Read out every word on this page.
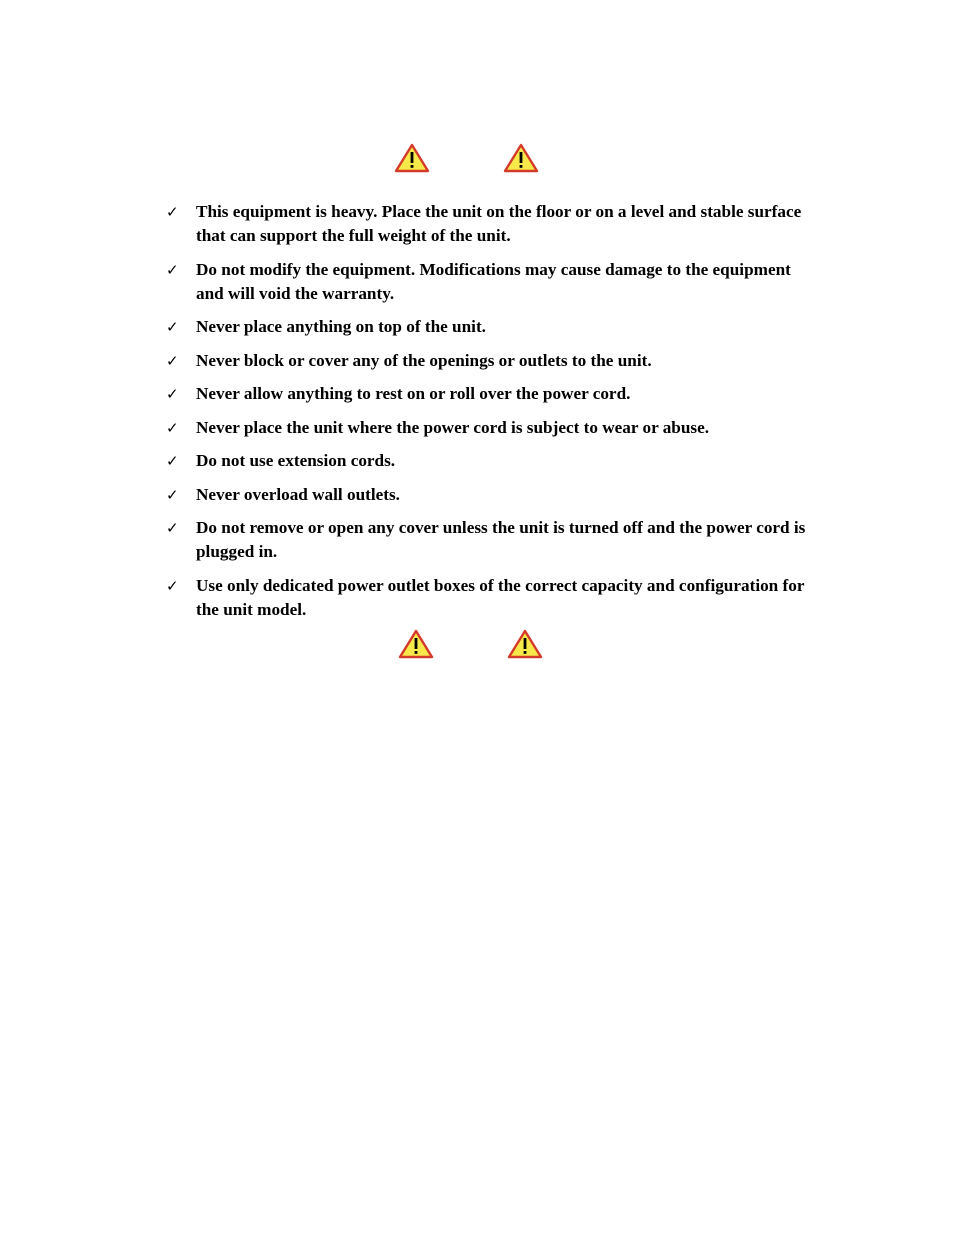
✓	This equipment is heavy. Place the unit on the floor or on a level and stable surface that can support the full weight of the unit.
✓	Do not modify the equipment. Modifications may cause damage to the equipment and will void the warranty.
✓	Never place anything on top of the unit.
✓	Never block or cover any of the openings or outlets to the unit.
✓	Never allow anything to rest on or roll over the power cord.
✓	Never place the unit where the power cord is subject to wear or abuse.
✓	Do not use extension cords.
✓	Never overload wall outlets.
✓	Do not remove or open any cover unless the unit is turned off and the power cord is plugged in.
✓	Use only dedicated power outlet boxes of the correct capacity and configuration for the unit model.
